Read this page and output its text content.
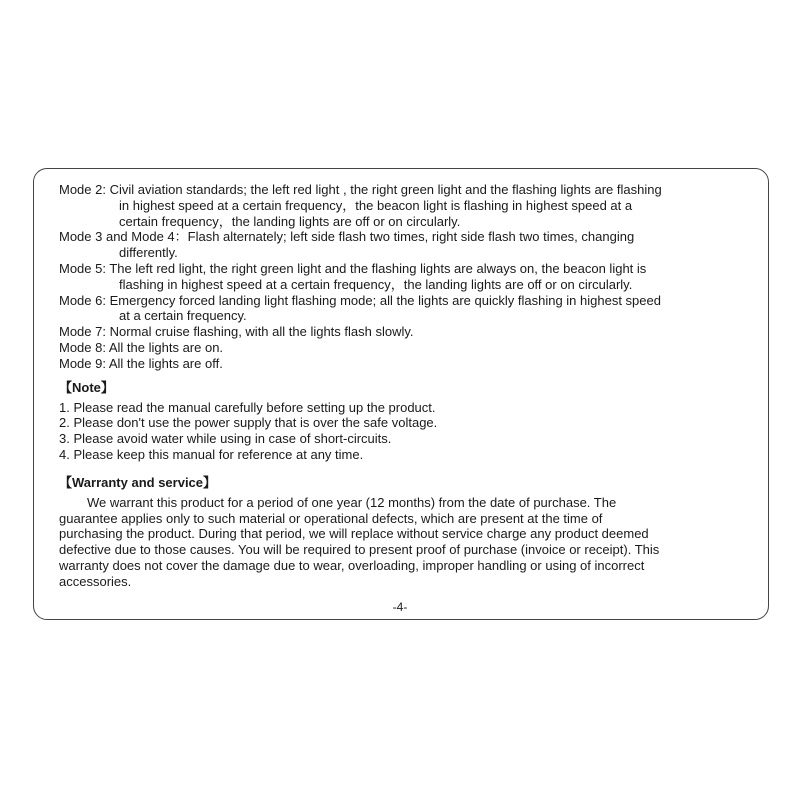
Mode 2: Civil aviation standards; the left red light , the right green light and the flashing lights are flashing
in highest speed at a certain frequency，the beacon light is flashing in highest speed at a
certain frequency，the landing lights are off or on circularly.

Mode 3 and Mode 4：Flash alternately; left side flash two times, right side flash two times, changing
differently.

Mode 5: The left red light, the right green light and the flashing lights are always on, the beacon light is
flashing in highest speed at a certain frequency，the landing lights are off or on circularly.

Mode 6: Emergency forced landing light flashing mode; all the lights are quickly flashing in highest speed
at a certain frequency.

Mode 7: Normal cruise flashing, with all the lights flash slowly.

Mode 8: All the lights are on.

Mode 9: All the lights are off.

【Note】
1. Please read the manual carefully before setting up the product.
2. Please don't use the power supply that is over the safe voltage.
3. Please avoid water while using in case of short-circuits.
4. Please keep this manual for reference at any time.
【Warranty and service】
We warrant this product for a period of one year (12 months) from the date of purchase. The
guarantee applies only to such material or operational defects, which are present at the time of
purchasing the product. During that period, we will replace without service charge any product deemed
defective due to those causes. You will be required to present proof of purchase (invoice or receipt). This
warranty does not cover the damage due to wear, overloading, improper handling or using of incorrect
accessories.
-4-
